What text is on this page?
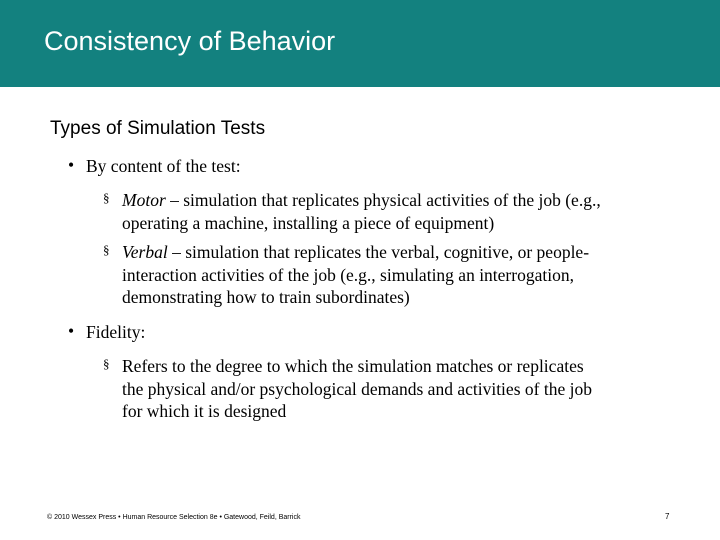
Consistency of Behavior
Types of Simulation Tests
• By content of the test:
§ Motor – simulation that replicates physical activities of the job (e.g.,
operating a machine, installing a piece of equipment)
§ Verbal – simulation that replicates the verbal, cognitive, or people-
interaction activities of the job (e.g., simulating an interrogation,
demonstrating how to train subordinates)
• Fidelity:
§ Refers to the degree to which the simulation matches or replicates
the physical and/or psychological demands and activities of the job
for which it is designed
© 2010 Wessex Press • Human Resource Selection 8e • Gatewood, Feild, Barrick	7
